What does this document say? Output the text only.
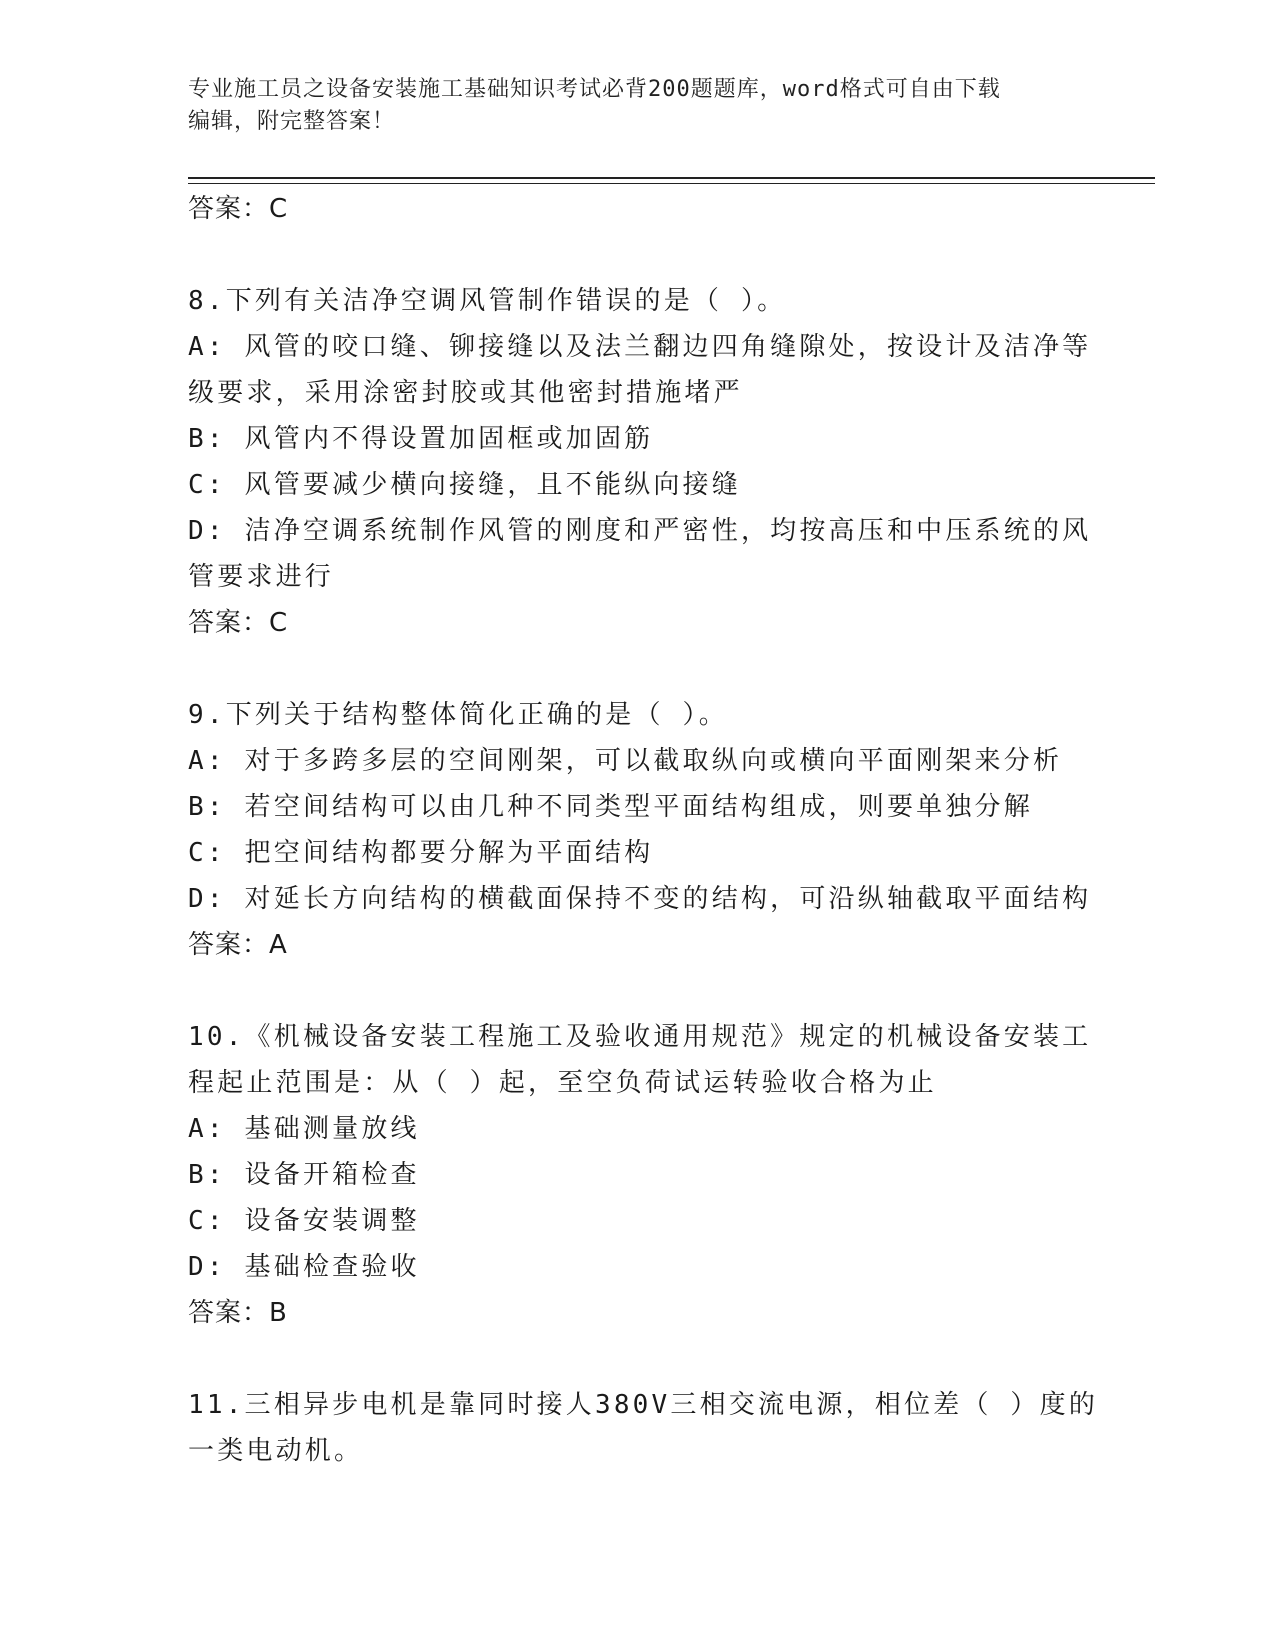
专业施工员之设备安装施工基础知识考试必背200题题库，word格式可自由下载
编辑，附完整答案！
答案：C
8.下列有关洁净空调风管制作错误的是（ ）。
A: 风管的咬口缝、铆接缝以及法兰翻边四角缝隙处，按设计及洁净等
级要求，采用涂密封胶或其他密封措施堵严
B: 风管内不得设置加固框或加固筋
C: 风管要减少横向接缝，且不能纵向接缝
D: 洁净空调系统制作风管的刚度和严密性，均按高压和中压系统的风
管要求进行
答案：C
9.下列关于结构整体简化正确的是（ ）。
A: 对于多跨多层的空间刚架，可以截取纵向或横向平面刚架来分析
B: 若空间结构可以由几种不同类型平面结构组成，则要单独分解
C: 把空间结构都要分解为平面结构
D: 对延长方向结构的横截面保持不变的结构，可沿纵轴截取平面结构
答案：A
10.《机械设备安装工程施工及验收通用规范》规定的机械设备安装工
程起止范围是：从（ ）起，至空负荷试运转验收合格为止
A: 基础测量放线
B: 设备开箱检查
C: 设备安装调整
D: 基础检查验收
答案：B
11.三相异步电机是靠同时接人380V三相交流电源，相位差（ ）度的
一类电动机。
